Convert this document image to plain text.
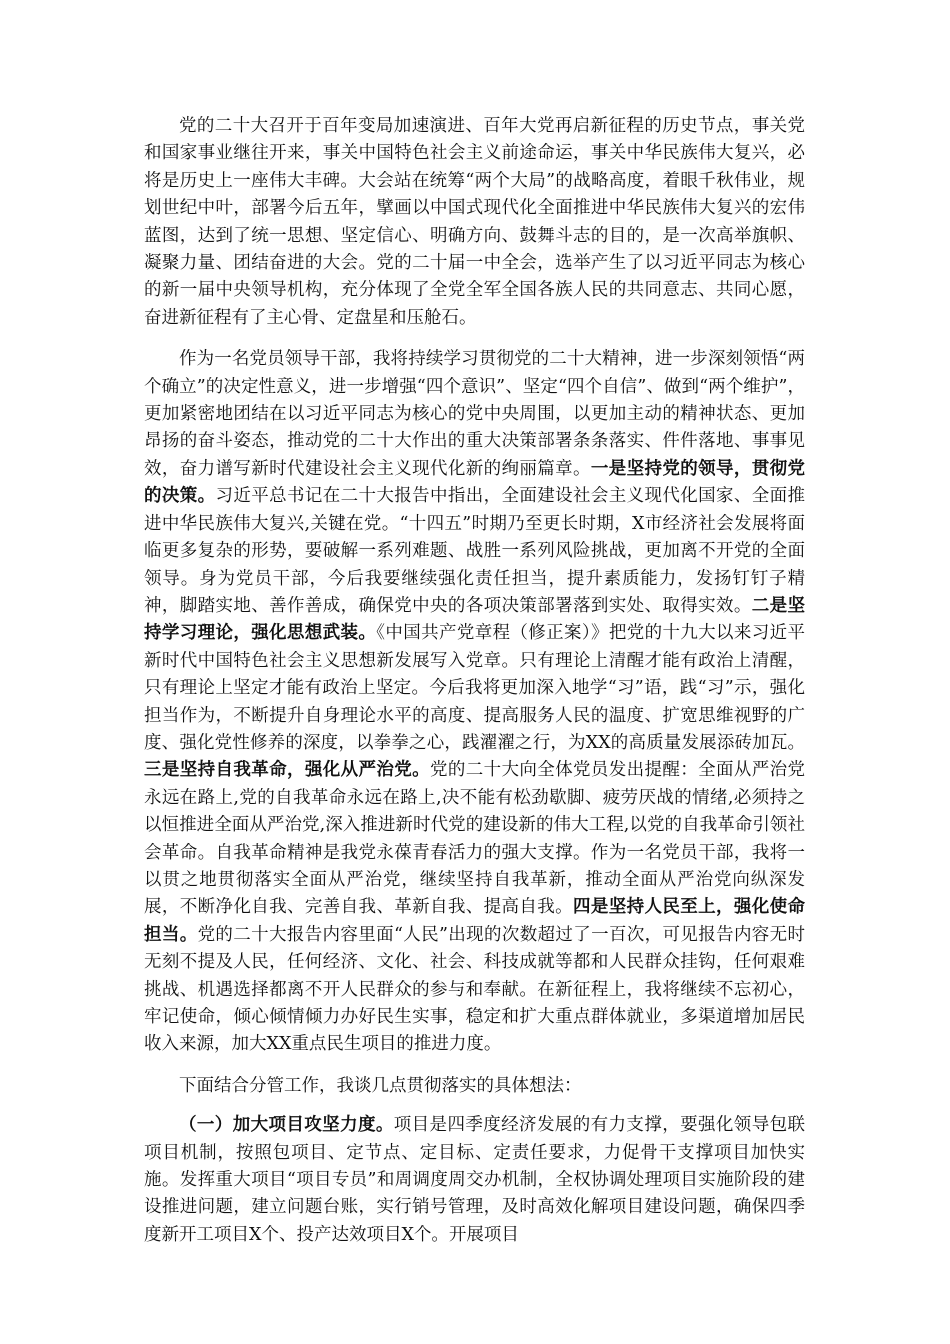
党的二十大召开于百年变局加速演进、百年大党再启新征程的历史节点，事关党和国家事业继往开来，事关中国特色社会主义前途命运，事关中华民族伟大复兴，必将是历史上一座伟大丰碑。大会站在统筹“两个大局”的战略高度，着眼千秋伟业，规划世纪中叶，部署今后五年，擘画以中国式现代化全面推进中华民族伟大复兴的宏伟蓝图，达到了统一思想、坚定信心、明确方向、鼓舞斗志的目的，是一次高举旗帜、凝聚力量、团结奋进的大会。党的二十届一中全会，选举产生了以习近平同志为核心的新一届中央领导机构，充分体现了全党全军全国各族人民的共同意志、共同心愿，奋进新征程有了主心骨、定盘星和压舱石。

作为一名党员领导干部，我将持续学习贯彻党的二十大精神，进一步深刻领悟“两个确立”的决定性意义，进一步增强“四个意识”、坚定“四个自信”、做到“两个维护”，更加紧密地团结在以习近平同志为核心的党中央周围，以更加主动的精神状态、更加昂扬的奋斗姿态，推动党的二十大作出的重大决策部署条条落实、件件落地、事事见效，奋力谱写新时代建设社会主义现代化新的绚丽篇章。一是坚持党的领导，贯彻党的决策。习近平总书记在二十大报告中指出，全面建设社会主义现代化国家、全面推进中华民族伟大复兴,关键在党。“十四五”时期乃至更长时期，X市经济社会发展将面临更多复杂的形势，要破解一系列难题、战胜一系列风险挑战，更加离不开党的全面领导。身为党员干部，今后我要继续强化责任担当，提升素质能力，发扬钉钉子精神，脚踏实地、善作善成，确保党中央的各项决策部署落到实处、取得实效。二是坚持学习理论，强化思想武装。《中国共产党章程（修正案）》把党的十九大以来习近平新时代中国特色社会主义思想新发展写入党章。只有理论上清醒才能有政治上清醒，只有理论上坚定才能有政治上坚定。今后我将更加深入地学“习”语，践“习”示，强化担当作为，不断提升自身理论水平的高度、提高服务人民的温度、扩宽思维视野的广度、强化党性修养的深度，以拳拳之心，践濯濯之行，为XX的高质量发展添砖加瓦。三是坚持自我革命，强化从严治党。党的二十大向全体党员发出提醒：全面从严治党永远在路上,党的自我革命永远在路上,决不能有松劲歇脚、疲劳厌战的情绪,必须持之以恒推进全面从严治党,深入推进新时代党的建设新的伟大工程,以党的自我革命引领社会革命。自我革命精神是我党永葆青春活力的强大支撑。作为一名党员干部，我将一以贯之地贯彻落实全面从严治党，继续坚持自我革新，推动全面从严治党向纵深发展，不断净化自我、完善自我、革新自我、提高自我。四是坚持人民至上，强化使命担当。党的二十大报告内容里面“人民”出现的次数超过了一百次，可见报告内容无时无刻不提及人民，任何经济、文化、社会、科技成就等都和人民群众挂钩，任何艰难挑战、机遇选择都离不开人民群众的参与和奉献。在新征程上，我将继续不忘初心，牢记使命，倾心倾情倾力办好民生实事，稳定和扩大重点群体就业，多渠道增加居民收入来源，加大XX重点民生项目的推进力度。

下面结合分管工作，我谈几点贯彻落实的具体想法：

（一）加大项目攻坚力度。项目是四季度经济发展的有力支撑，要强化领导包联项目机制，按照包项目、定节点、定目标、定责任要求，力促骨干支撑项目加快实施。发挥重大项目“项目专员”和周调度周交办机制，全权协调处理项目实施阶段的建设推进问题，建立问题台账，实行销号管理，及时高效化解项目建设问题，确保四季度新开工项目X个、投产达效项目X个。开展项目
